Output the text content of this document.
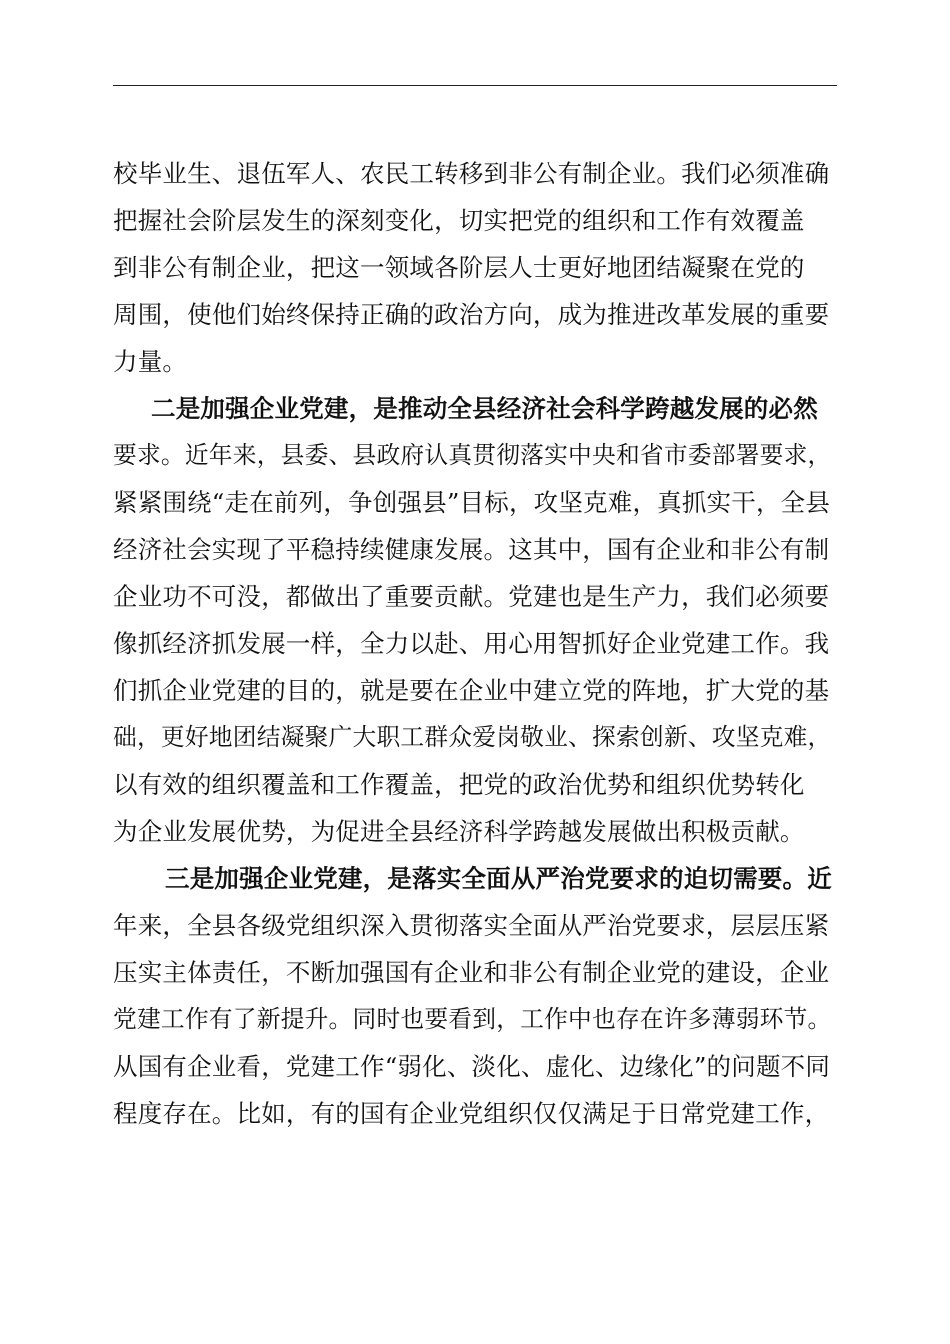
校毕业生、退伍军人、农民工转移到非公有制企业。我们必须准确
把握社会阶层发生的深刻变化，切实把党的组织和工作有效覆盖
到非公有制企业，把这一领域各阶层人士更好地团结凝聚在党的
周围，使他们始终保持正确的政治方向，成为推进改革发展的重要
力量。
二是加强企业党建，是推动全县经济社会科学跨越发展的必然
要求。近年来，县委、县政府认真贯彻落实中央和省市委部署要求，
紧紧围绕“走在前列，争创强县”目标，攻坚克难，真抓实干，全县
经济社会实现了平稳持续健康发展。这其中，国有企业和非公有制
企业功不可没，都做出了重要贡献。党建也是生产力，我们必须要
像抓经济抓发展一样，全力以赴、用心用智抓好企业党建工作。我
们抓企业党建的目的，就是要在企业中建立党的阵地，扩大党的基
础，更好地团结凝聚广大职工群众爱岗敬业、探索创新、攻坚克难，
以有效的组织覆盖和工作覆盖，把党的政治优势和组织优势转化
为企业发展优势，为促进全县经济科学跨越发展做出积极贡献。
三是加强企业党建，是落实全面从严治党要求的迫切需要。近
年来，全县各级党组织深入贯彻落实全面从严治党要求，层层压紧
压实主体责任，不断加强国有企业和非公有制企业党的建设，企业
党建工作有了新提升。同时也要看到，工作中也存在许多薄弱环节。
从国有企业看，党建工作“弱化、淡化、虚化、边缘化”的问题不同
程度存在。比如，有的国有企业党组织仅仅满足于日常党建工作，
